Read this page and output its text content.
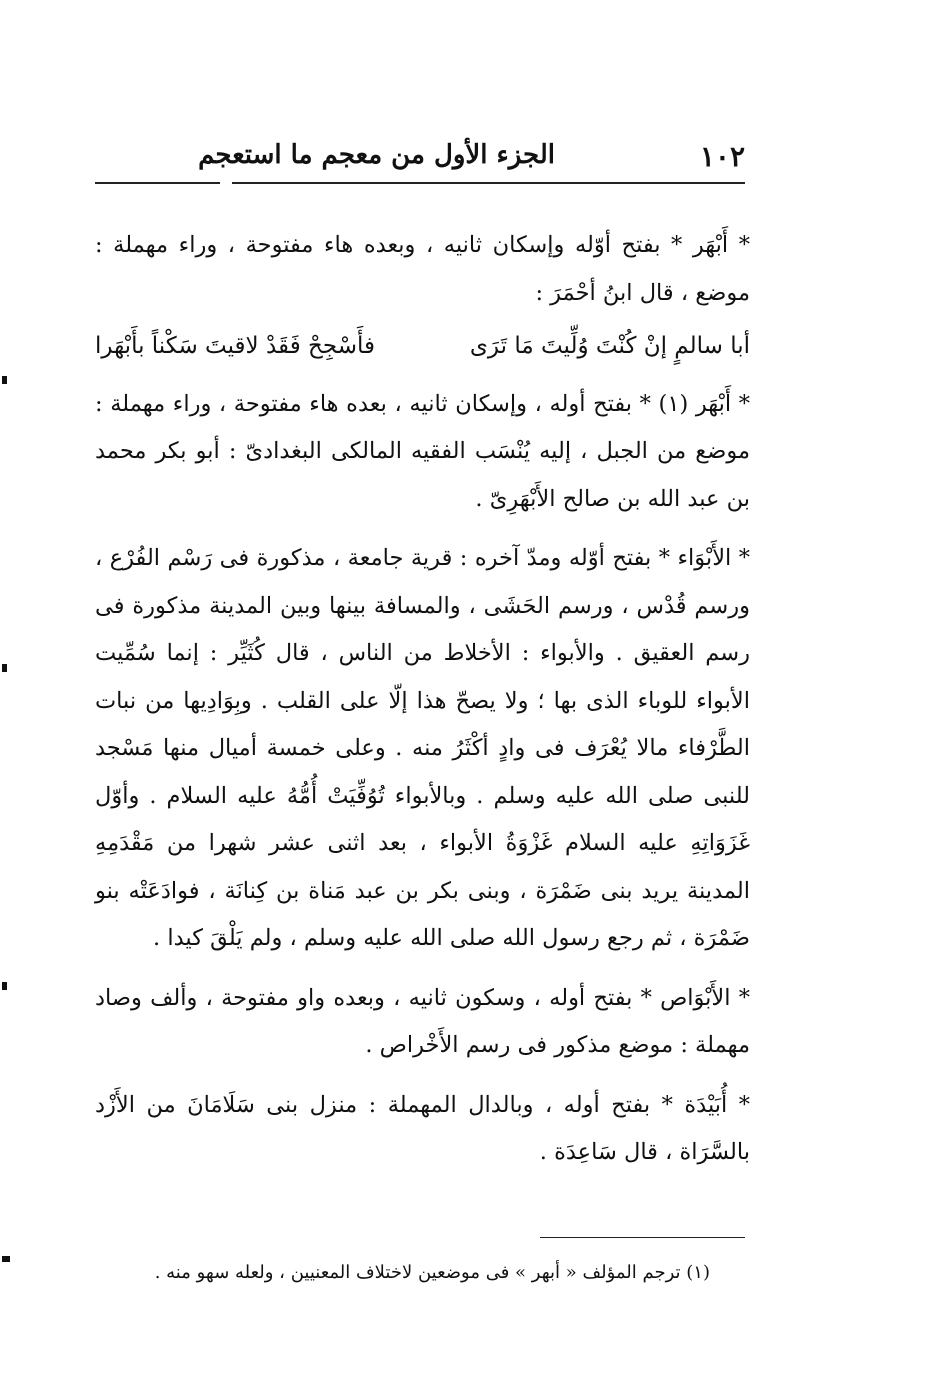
١٠٢
الجزء الأول من معجم ما استعجم

* أَبْهَر * بفتح أوّله وإسكان ثانيه ، وبعده هاء مفتوحة ، وراء مهملة : موضع ، قال ابنُ أحْمَرَ :

أبا سالمٍ إنْ كُنْتَ وُلِّيتَ مَا تَرَى
فأَسْجِحْ فَقَدْ لاقيتَ سَكْناً بأَبْهَرا

* أَبْهَر (١) * بفتح أوله ، وإسكان ثانيه ، بعده هاء مفتوحة ، وراء مهملة : موضع من الجبل ، إليه يُنْسَب الفقيه المالكى البغدادىّ : أبو بكر محمد بن عبد الله بن صالح الأَبْهَرِىّ .

* الأَبْوَاء * بفتح أوّله ومدّ آخره : قرية جامعة ، مذكورة فى رَسْم الفُرْع ، ورسم قُدْس ، ورسم الحَشَى ، والمسافة بينها وبين المدينة مذكورة فى رسم العقيق . والأبواء : الأخلاط من الناس ، قال كُثَيِّر : إنما سُمِّيت الأبواء للوباء الذى بها ؛ ولا يصحّ هذا إلّا على القلب . وبِوَادِيها من نبات الطَّرْفاء مالا يُعْرَف فى وادٍ أكْثَرُ منه . وعلى خمسة أميال منها مَسْجد للنبى صلى الله عليه وسلم . وبالأبواء تُوُفِّيَتْ أُمُّهُ عليه السلام . وأوّل غَزَوَاتِهِ عليه السلام غَزْوَةُ الأبواء ، بعد اثنى عشر شهرا من مَقْدَمِهِ المدينة يريد بنى ضَمْرَة ، وبنى بكر بن عبد مَناة بن كِنانَة ، فوادَعَتْه بنو ضَمْرَة ، ثم رجع رسول الله صلى الله عليه وسلم ، ولم يَلْقَ كيدا .

* الأَبْوَاص * بفتح أوله ، وسكون ثانيه ، وبعده واو مفتوحة ، وألف وصاد مهملة : موضع مذكور فى رسم الأَخْراص .

* أُبَيْدَة * بفتح أوله ، وبالدال المهملة : منزل بنى سَلَامَانَ من الأَزْد بالسَّرَاة ، قال سَاعِدَة .

(١) ترجم المؤلف « أبهر » فى موضعين لاختلاف المعنيين ، ولعله سهو منه .
